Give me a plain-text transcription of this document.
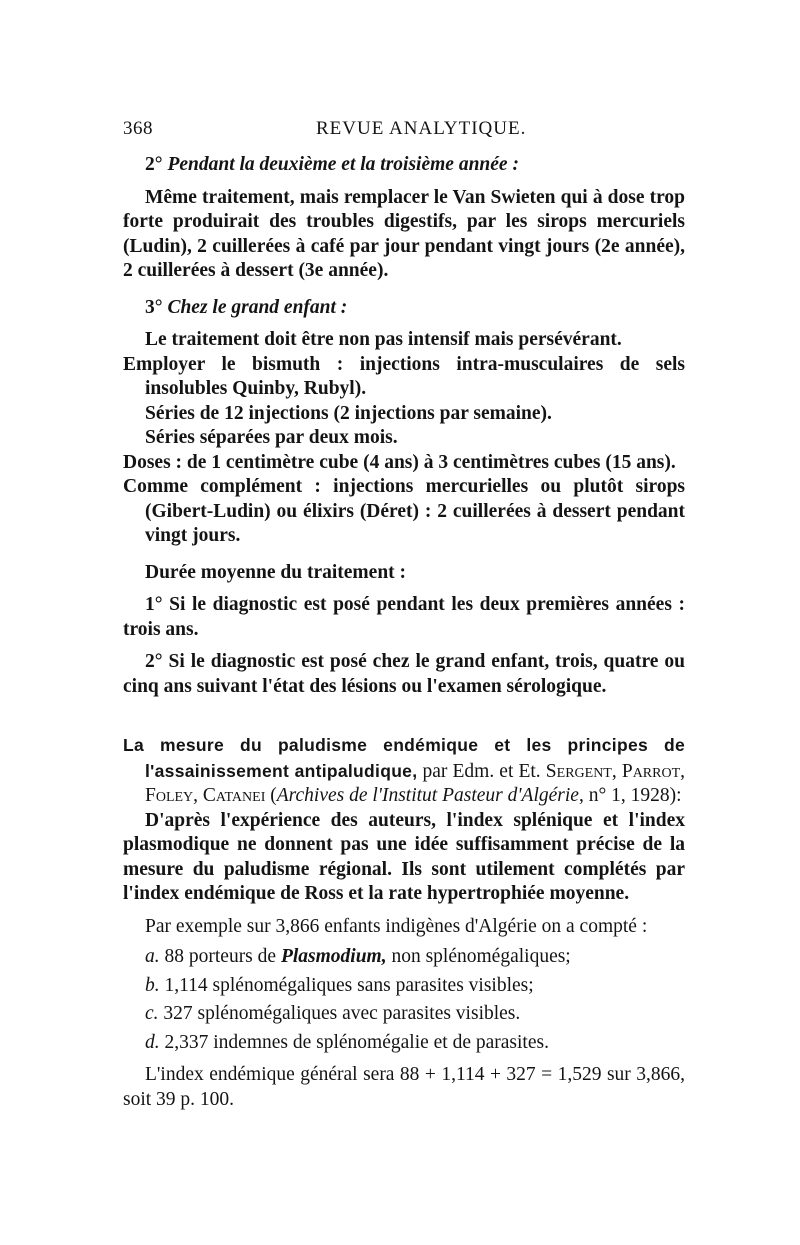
368	REVUE ANALYTIQUE.

2° Pendant la deuxième et la troisième année :

Même traitement, mais remplacer le Van Swieten qui à dose trop forte produirait des troubles digestifs, par les sirops mercuriels (Ludin), 2 cuillerées à café par jour pendant vingt jours (2e année), 2 cuillerées à dessert (3e année).

3° Chez le grand enfant :

Le traitement doit être non pas intensif mais persévérant.

Employer le bismuth : injections intra-musculaires de sels insolubles Quinby, Rubyl).

Séries de 12 injections (2 injections par semaine).

Séries séparées par deux mois.

Doses : de 1 centimètre cube (4 ans) à 3 centimètres cubes (15 ans).

Comme complément : injections mercurielles ou plutôt sirops (Gibert-Ludin) ou élixirs (Déret) : 2 cuillerées à dessert pendant vingt jours.

Durée moyenne du traitement :

1° Si le diagnostic est posé pendant les deux premières années : trois ans.

2° Si le diagnostic est posé chez le grand enfant, trois, quatre ou cinq ans suivant l'état des lésions ou l'examen sérologique.

La mesure du paludisme endémique et les principes de l'assainissement antipaludique, par Edm. et Et. Sergent, Parrot, Foley, Catanei (Archives de l'Institut Pasteur d'Algérie, n° 1, 1928):

D'après l'expérience des auteurs, l'index splénique et l'index plasmodique ne donnent pas une idée suffisamment précise de la mesure du paludisme régional. Ils sont utilement complétés par l'index endémique de Ross et la rate hypertrophiée moyenne.

Par exemple sur 3,866 enfants indigènes d'Algérie on a compté :

a. 88 porteurs de Plasmodium, non splénomégaliques;

b. 1,114 splénomégaliques sans parasites visibles;

c. 327 splénomégaliques avec parasites visibles.

d. 2,337 indemnes de splénomégalie et de parasites.

L'index endémique général sera 88 + 1,114 + 327 = 1,529 sur 3,866, soit 39 p. 100.
